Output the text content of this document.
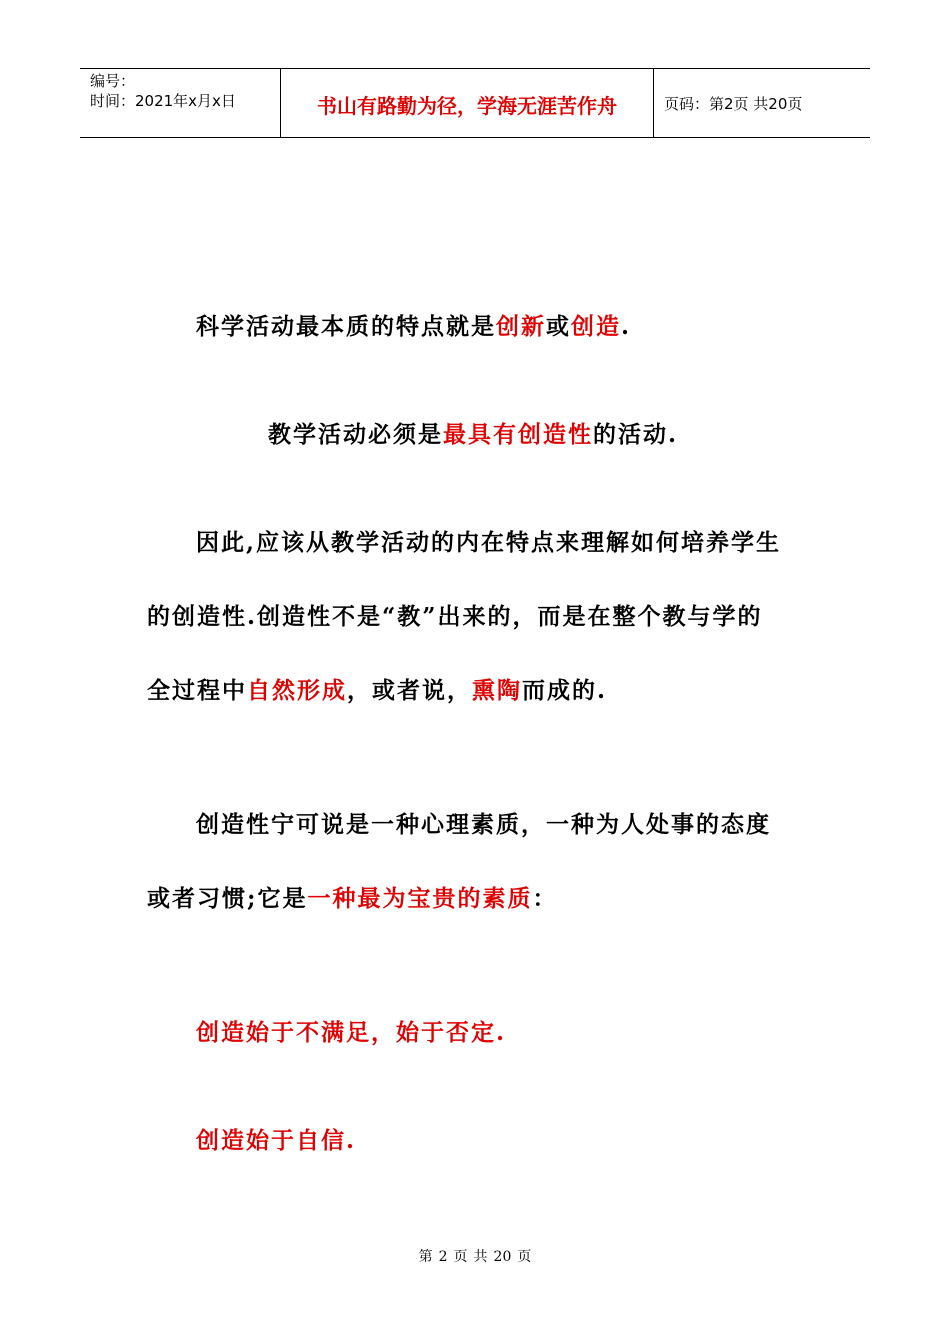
编号：
时间：2021年x月x日	书山有路勤为径，学海无涯苦作舟	页码：第2页 共20页
科学活动最本质的特点就是创新或创造.
教学活动必须是最具有创造性的活动.
因此,应该从教学活动的内在特点来理解如何培养学生
的创造性.创造性不是“教”出来的，而是在整个教与学的
全过程中自然形成，或者说，熏陶而成的.
创造性宁可说是一种心理素质，一种为人处事的态度
或者习惯;它是一种最为宝贵的素质：
创造始于不满足，始于否定.
创造始于自信.
第 2 页 共 20 页
